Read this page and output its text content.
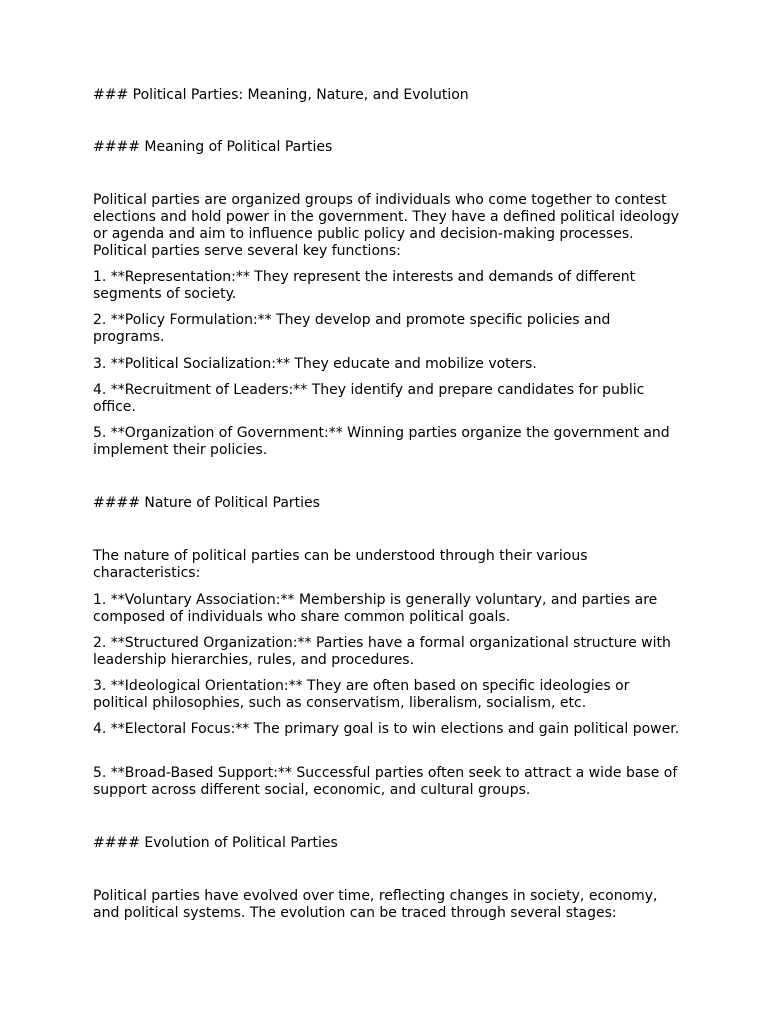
### Political Parties: Meaning, Nature, and Evolution

#### Meaning of Political Parties

Political parties are organized groups of individuals who come together to contest elections and hold power in the government. They have a defined political ideology or agenda and aim to influence public policy and decision-making processes. Political parties serve several key functions:

1. **Representation:** They represent the interests and demands of different segments of society.

2. **Policy Formulation:** They develop and promote specific policies and programs.

3. **Political Socialization:** They educate and mobilize voters.

4. **Recruitment of Leaders:** They identify and prepare candidates for public office.

5. **Organization of Government:** Winning parties organize the government and implement their policies.

#### Nature of Political Parties

The nature of political parties can be understood through their various characteristics:

1. **Voluntary Association:** Membership is generally voluntary, and parties are composed of individuals who share common political goals.

2. **Structured Organization:** Parties have a formal organizational structure with leadership hierarchies, rules, and procedures.

3. **Ideological Orientation:** They are often based on specific ideologies or political philosophies, such as conservatism, liberalism, socialism, etc.

4. **Electoral Focus:** The primary goal is to win elections and gain political power.

5. **Broad-Based Support:** Successful parties often seek to attract a wide base of support across different social, economic, and cultural groups.

#### Evolution of Political Parties

Political parties have evolved over time, reflecting changes in society, economy, and political systems. The evolution can be traced through several stages:
